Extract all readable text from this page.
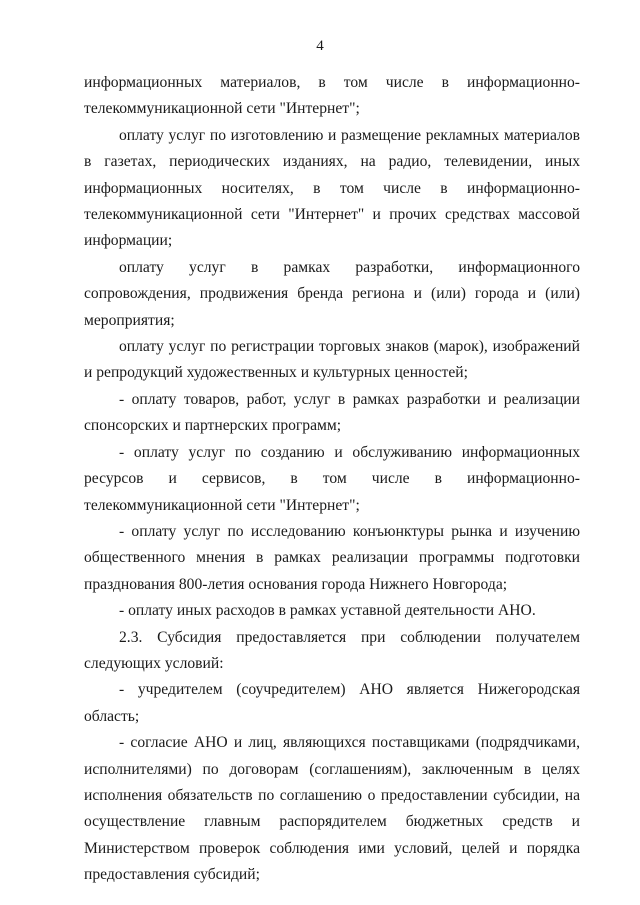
4

информационных материалов, в том числе в информационно-телекоммуникационной сети "Интернет";

оплату услуг по изготовлению и размещение рекламных материалов в газетах, периодических изданиях, на радио, телевидении, иных информационных носителях, в том числе в информационно-телекоммуникационной сети "Интернет" и прочих средствах массовой информации;

оплату услуг в рамках разработки, информационного сопровождения, продвижения бренда региона и (или) города и (или) мероприятия;

оплату услуг по регистрации торговых знаков (марок), изображений и репродукций художественных и культурных ценностей;

- оплату товаров, работ, услуг в рамках разработки и реализации спонсорских и партнерских программ;

- оплату услуг по созданию и обслуживанию информационных ресурсов и сервисов, в том числе в информационно-телекоммуникационной сети "Интернет";

- оплату услуг по исследованию конъюнктуры рынка и изучению общественного мнения в рамках реализации программы подготовки празднования 800-летия основания города Нижнего Новгорода;

- оплату иных расходов в рамках уставной деятельности АНО.

2.3. Субсидия предоставляется при соблюдении получателем следующих условий:

- учредителем (соучредителем) АНО является Нижегородская область;

- согласие АНО и лиц, являющихся поставщиками (подрядчиками, исполнителями) по договорам (соглашениям), заключенным в целях исполнения обязательств по соглашению о предоставлении субсидии, на осуществление главным распорядителем бюджетных средств и Министерством проверок соблюдения ими условий, целей и порядка предоставления субсидий;
